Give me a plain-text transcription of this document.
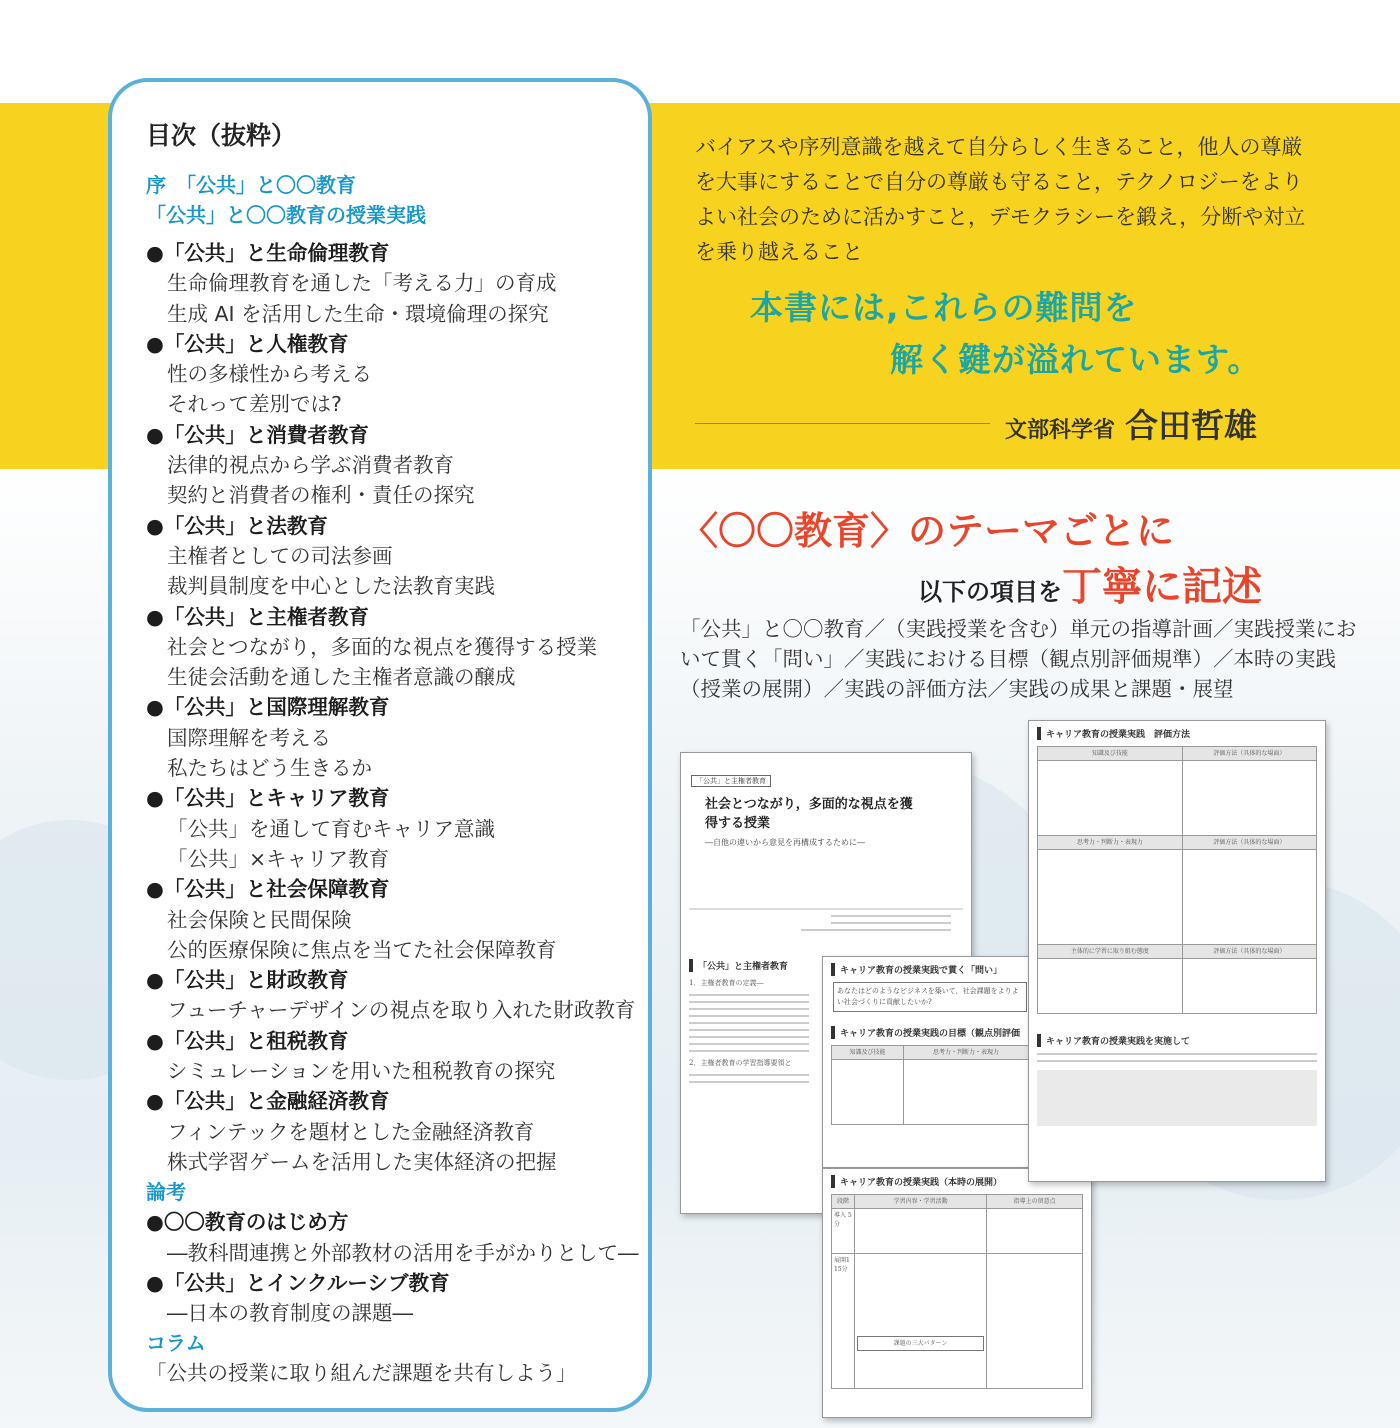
目次（抜粋）
序　「公共」と〇〇教育
「公共」と〇〇教育の授業実践
●「公共」と生命倫理教育
生命倫理教育を通した「考える力」の育成
生成 AI を活用した生命・環境倫理の探究
●「公共」と人権教育
性の多様性から考える
それって差別では?
●「公共」と消費者教育
法律的視点から学ぶ消費者教育
契約と消費者の権利・責任の探究
●「公共」と法教育
主権者としての司法参画
裁判員制度を中心とした法教育実践
●「公共」と主権者教育
社会とつながり，多面的な視点を獲得する授業
生徒会活動を通した主権者意識の醸成
●「公共」と国際理解教育
国際理解を考える
私たちはどう生きるか
●「公共」とキャリア教育
「公共」を通して育むキャリア意識
「公共」×キャリア教育
●「公共」と社会保障教育
社会保険と民間保険
公的医療保険に焦点を当てた社会保障教育
●「公共」と財政教育
フューチャーデザインの視点を取り入れた財政教育
●「公共」と租税教育
シミュレーションを用いた租税教育の探究
●「公共」と金融経済教育
フィンテックを題材とした金融経済教育
株式学習ゲームを活用した実体経済の把握
論考
●〇〇教育のはじめ方
―教科間連携と外部教材の活用を手がかりとして―
●「公共」とインクルーシブ教育
―日本の教育制度の課題―
コラム
「公共の授業に取り組んだ課題を共有しよう」
バイアスや序列意識を越えて自分らしく生きること，他人の尊厳を大事にすることで自分の尊厳も守ること，テクノロジーをよりよい社会のために活かすこと，デモクラシーを鍛え，分断や対立を乗り越えること
本書には,これらの難問を
解く鍵が溢れています。
文部科学省 合田哲雄
〈〇〇教育〉のテーマごとに
以下の項目を丁寧に記述
「公共」と〇〇教育／（実践授業を含む）単元の指導計画／実践授業において貫く「問い」／実践における目標（観点別評価規準）／本時の実践（授業の展開）／実践の評価方法／実践の成果と課題・展望
「公共」と主権者教育
社会とつながり，多面的な視点を獲得する授業
―自他の違いから意見を再構成するために―
「公共」と主権者教育
1．主権者教育の定義―
2．主権者教育の学習指導要領と
キャリア教育の授業実践で貫く「問い」
あなたはどのようなビジネスを築いて，社会課題をよりよい社会づくりに貢献したいか?
キャリア教育の授業実践の目標（観点別評価
知識及び技能	思考力・判断力・表現力

キャリア教育の授業実践（本時の展開）
段階	学習内容・学習活動	指導上の留意点
導入 5分		
展開1 15分	課題の三大パターン	

キャリア教育の授業実践　評価方法
知識及び技能	評価方法（具体的な場面）

思考力・判断力・表現力	評価方法（具体的な場面）

主体的に学習に取り組む態度	評価方法（具体的な場面）

キャリア教育の授業実践を実施して
